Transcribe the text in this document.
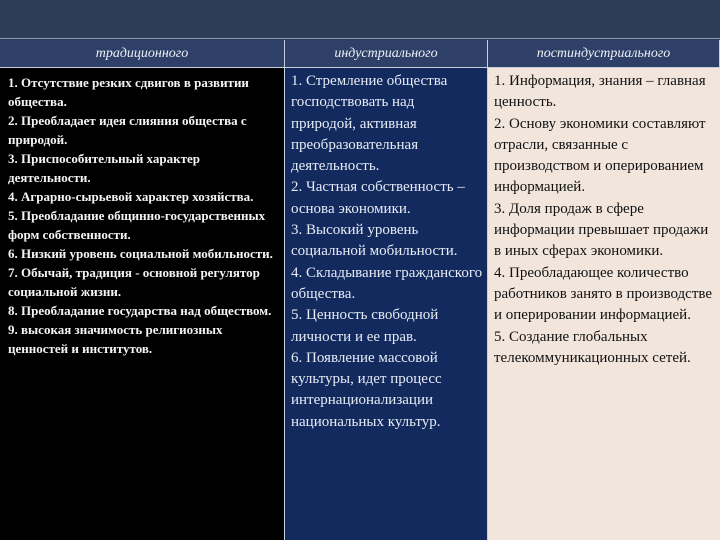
традиционного	индустриального	постиндустриального
1. Отсутствие резких сдвигов в развитии общества.
2. Преобладает идея слияния общества с природой.
3. Приспособительный характер деятельности.
4. Аграрно-сырьевой характер хозяйства.
5. Преобладание общинно-государственных форм собственности.
6. Низкий уровень социальной мобильности.
7. Обычай, традиция - основной регулятор социальной жизни.
8. Преобладание государства над обществом.
9. высокая значимость религиозных ценностей и институтов.
1. Стремление общества господствовать над природой, активная преобразовательная деятельность.
2. Частная собственность – основа экономики.
3. Высокий уровень социальной мобильности.
4. Складывание гражданского общества.
5. Ценность свободной личности и ее прав.
6. Появление массовой культуры, идет процесс интернационализации национальных культур.
1. Информация, знания – главная ценность.
2. Основу экономики составляют отрасли, связанные с производством и оперированием информацией.
3. Доля продаж в сфере информации превышает продажи в иных сферах экономики.
4. Преобладающее количество работников занято в производстве и оперировании информацией.
5. Создание глобальных телекоммуникационных сетей.
